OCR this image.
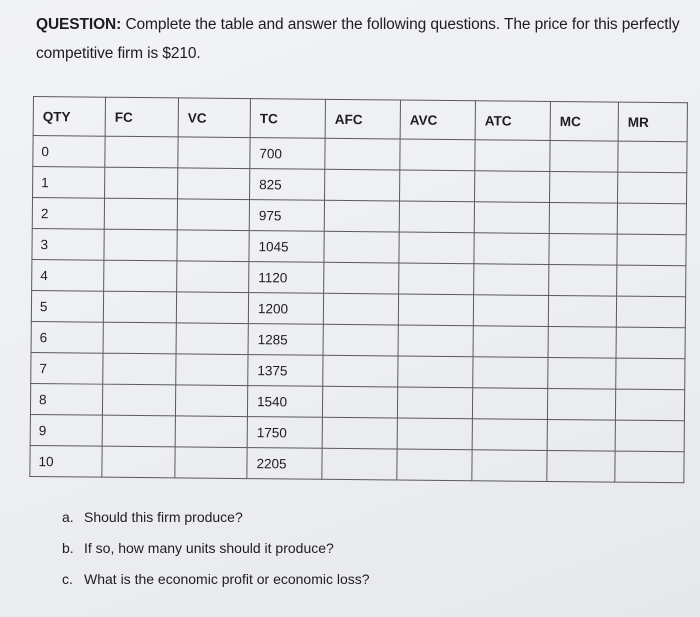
QUESTION: Complete the table and answer the following questions. The price for this perfectly competitive firm is $210.
QTY	FC	VC	TC	AFC	AVC	ATC	MC	MR
0			700					
1			825					
2			975					
3			1045					
4			1120					
5			1200					
6			1285					
7			1375					
8			1540					
9			1750					
10			2205					
a. Should this firm produce?
b. If so, how many units should it produce?
c. What is the economic profit or economic loss?
